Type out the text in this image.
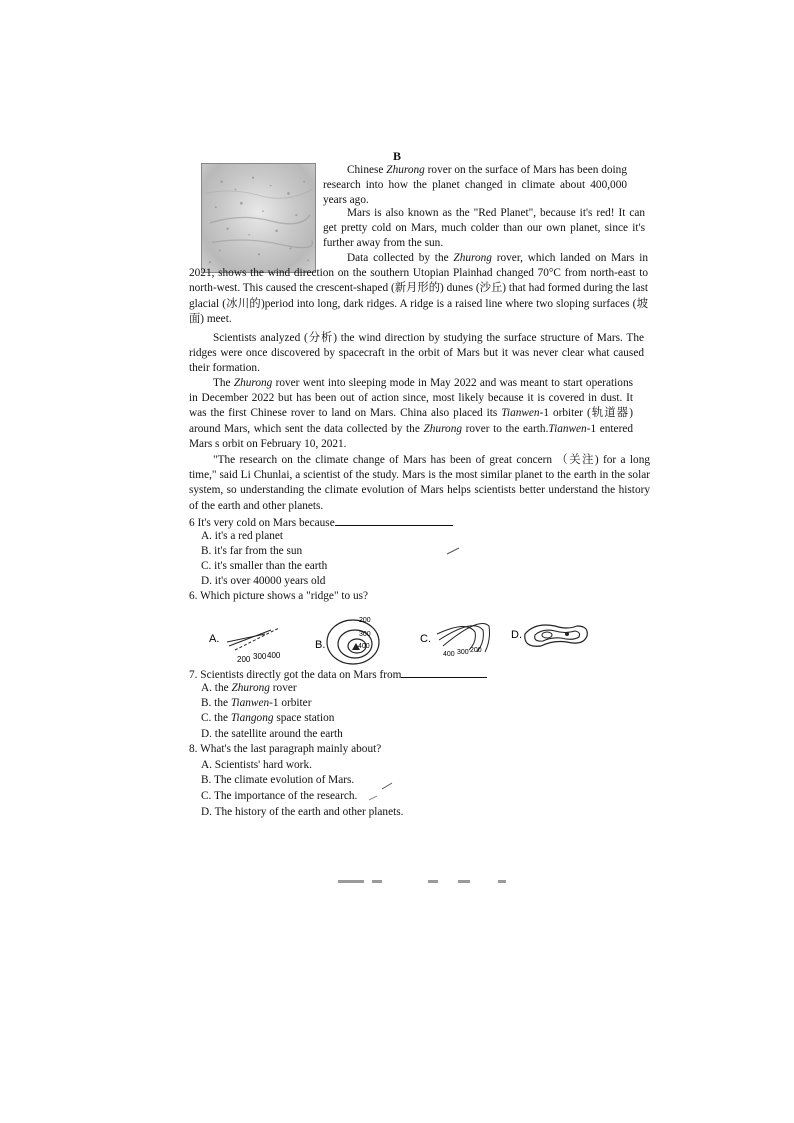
B

Chinese Zhurong rover on the surface of Mars has been doing research into how the planet changed in climate about 400,000 years ago.

Mars is also known as the "Red Planet", because it's red! It can get pretty cold on Mars, much colder than our own planet, since it's further away from the sun.

Data collected by the Zhurong rover, which landed on Mars in 2021, shows the wind direction on the southern Utopian Plainhad changed 70°C from north-east to north-west. This caused the crescent-shaped (新月形的) dunes (沙丘) that had formed during the last glacial (冰川的)period into long, dark ridges. A ridge is a raised line where two sloping surfaces (坡面) meet.

Scientists analyzed (分析) the wind direction by studying the surface structure of Mars. The ridges were once discovered by spacecraft in the orbit of Mars but it was never clear what caused their formation.

The Zhurong rover went into sleeping mode in May 2022 and was meant to start operations in December 2022 but has been out of action since, most likely because it is covered in dust. It was the first Chinese rover to land on Mars. China also placed its Tianwen-1 orbiter (轨道器) around Mars, which sent the data collected by the Zhurong rover to the earth.Tianwen-1 entered Mars s orbit on February 10, 2021.

"The research on the climate change of Mars has been of great concern （关注) for a long time," said Li Chunlai, a scientist of the study. Mars is the most similar planet to the earth in the solar system, so understanding the climate evolution of Mars helps scientists better understand the history of the earth and other planets.

6 It's very cold on Mars because

A. it's a red planet

B. it's far from the sun

C. it's smaller than the earth

D. it's over 40000 years old

6. Which picture shows a "ridge" to us?

A.
200 300 400
B.
200
300
400
C.
400 300 200
D.

7. Scientists directly got the data on Mars from

A. the Zhurong rover

B. the Tianwen-1 orbiter

C. the Tiangong space station

D. the satellite around the earth

8. What's the last paragraph mainly about?

A. Scientists' hard work.

B. The climate evolution of Mars.

C. The importance of the research.

D. The history of the earth and other planets.
